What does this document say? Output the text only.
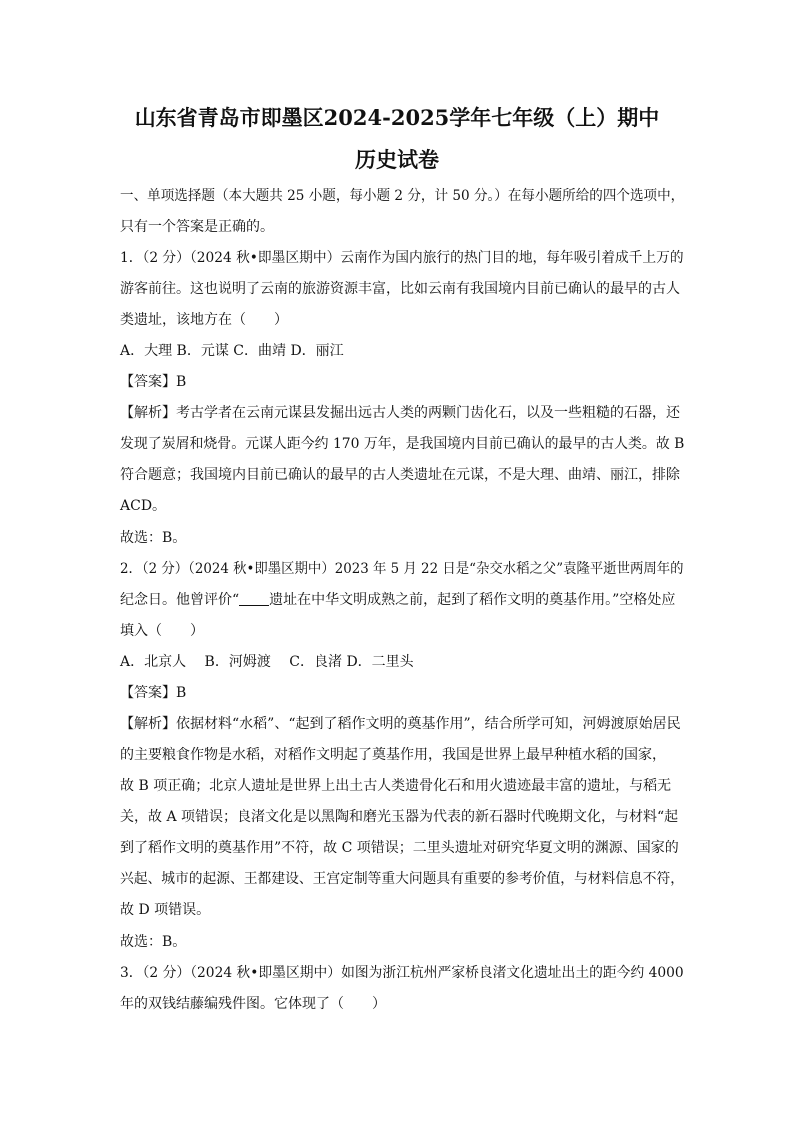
山东省青岛市即墨区2024-2025学年七年级（上）期中
历史试卷
一、单项选择题（本大题共 25 小题，每小题 2 分，计 50 分。）在每小题所给的四个选项中，
只有一个答案是正确的。
1．（2 分）（2024 秋•即墨区期中）云南作为国内旅行的热门目的地，每年吸引着成千上万的
游客前往。这也说明了云南的旅游资源丰富，比如云南有我国境内目前已确认的最早的古人
类遗址，该地方在（　　）
A．大理 B．元谋 C．曲靖 D．丽江
【答案】B
【解析】考古学者在云南元谋县发掘出远古人类的两颗门齿化石，以及一些粗糙的石器，还
发现了炭屑和烧骨。元谋人距今约 170 万年，是我国境内目前已确认的最早的古人类。故 B
符合题意；我国境内目前已确认的最早的古人类遗址在元谋，不是大理、曲靖、丽江，排除
ACD。
故选：B。
2．（2 分）（2024 秋•即墨区期中）2023 年 5 月 22 日是“杂交水稻之父”袁隆平逝世两周年的
纪念日。他曾评价“ 遗址在中华文明成熟之前，起到了稻作文明的奠基作用。”空格处应
填入（　　）
A．北京人　 B．河姆渡　 C．良渚 D．二里头
【答案】B
【解析】依据材料“水稻”、“起到了稻作文明的奠基作用”，结合所学可知，河姆渡原始居民
的主要粮食作物是水稻，对稻作文明起了奠基作用，我国是世界上最早种植水稻的国家，
故 B 项正确；北京人遗址是世界上出土古人类遗骨化石和用火遗迹最丰富的遗址，与稻无
关，故 A 项错误；良渚文化是以黑陶和磨光玉器为代表的新石器时代晚期文化，与材料“起
到了稻作文明的奠基作用”不符，故 C 项错误；二里头遗址对研究华夏文明的渊源、国家的
兴起、城市的起源、王都建设、王宫定制等重大问题具有重要的参考价值，与材料信息不符，
故 D 项错误。
故选：B。
3．（2 分）（2024 秋•即墨区期中）如图为浙江杭州严家桥良渚文化遗址出土的距今约 4000
年的双钱结藤编残件图。它体现了（　　）
